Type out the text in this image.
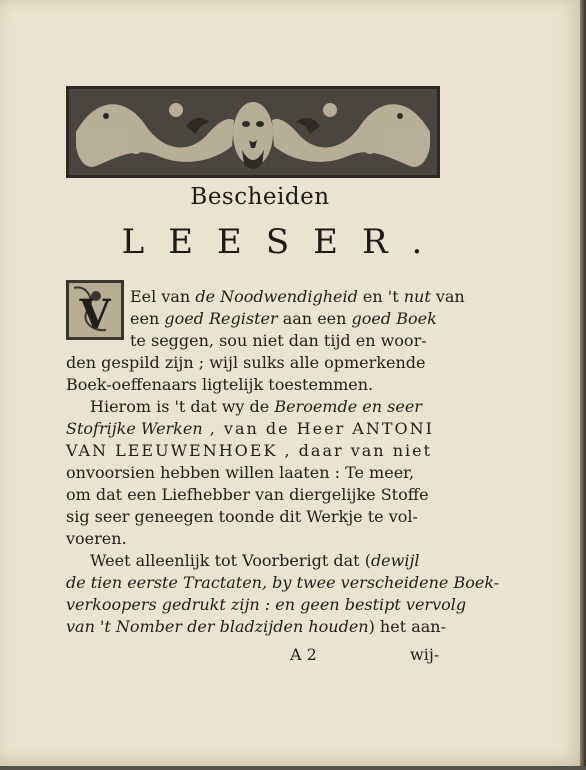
Bescheiden
LEESER.
V	Eel van de Noodwendigheid en 't nut van
een goed Register aan een goed Boek
te seggen, sou niet dan tijd en woor-
den gespild zijn ; wijl sulks alle opmerkende
Boek-oeffenaars ligtelijk toestemmen.
Hierom is 't dat wy de Beroemde en seer
Stofrijke Werken , van de Heer ANTONI
VAN LEEUWENHOEK , daar van niet
onvoorsien hebben willen laaten : Te meer,
om dat een Liefhebber van diergelijke Stoffe
sig seer geneegen toonde dit Werkje te vol-
voeren.
Weet alleenlijk tot Voorberigt dat (dewijl
de tien eerste Tractaten, by twee verscheidene Boek-
verkoopers gedrukt zijn : en geen bestipt vervolg
van 't Nomber der bladzijden houden) het aan-
A 2	wij-
